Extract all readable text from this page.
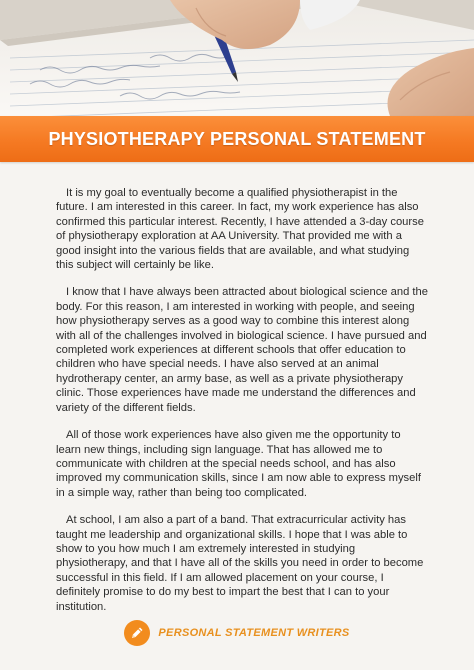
PHYSIOTHERAPY PERSONAL STATEMENT

It is my goal to eventually become a qualified physiotherapist in the future. I am interested in this career. In fact, my work experience has also confirmed this particular interest. Recently, I have attended a 3-day course of physiotherapy exploration at AA University. That provided me with a good insight into the various fields that are available, and what studying this subject will certainly be like.

I know that I have always been attracted about biological science and the body. For this reason, I am interested in working with people, and seeing how physiotherapy serves as a good way to combine this interest along with all of the challenges involved in biological science. I have pursued and completed work experiences at different schools that offer education to children who have special needs. I have also served at an animal hydrotherapy center, an army base, as well as a private physiotherapy clinic. Those experiences have made me understand the differences and variety of the different fields.

All of those work experiences have also given me the opportunity to learn new things, including sign language. That has allowed me to communicate with children at the special needs school, and has also improved my communication skills, since I am now able to express myself in a simple way, rather than being too complicated.

At school, I am also a part of a band. That extracurricular activity has taught me leadership and organizational skills. I hope that I was able to show to you how much I am extremely interested in studying physiotherapy, and that I have all of the skills you need in order to become successful in this field. If I am allowed placement on your course, I definitely promise to do my best to impart the best that I can to your institution.

PERSONAL STATEMENT WRITERS
